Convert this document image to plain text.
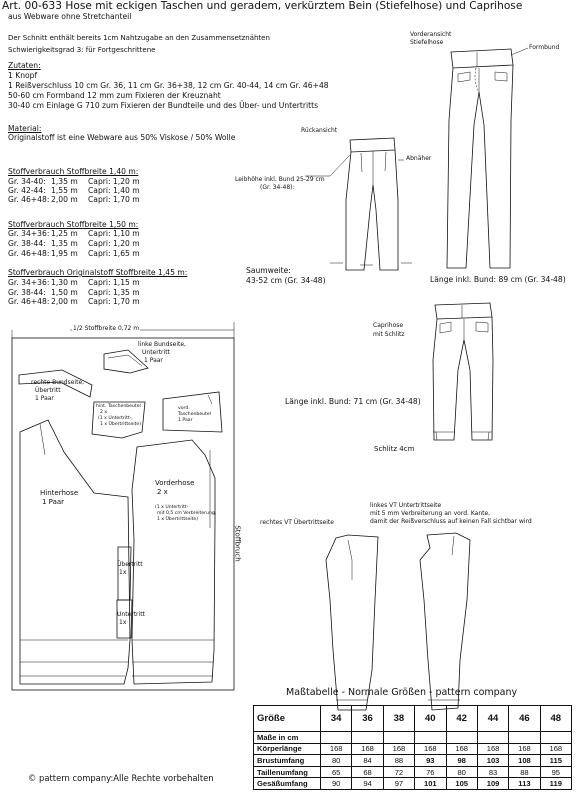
Art. 00-633 Hose mit eckigen Taschen und geradem, verkürztem Bein (Stiefelhose) und Caprihose
aus Webware ohne Stretchanteil
Der Schnitt enthält bereits 1cm Nahtzugabe an den Zusammensetznähten
Schwierigkeitsgrad 3: für Fortgeschrittene
Zutaten:
1 Knopf
1 Reißverschluss 10 cm Gr. 36, 11 cm Gr. 36+38, 12 cm Gr. 40-44, 14 cm Gr. 46+48
50-60 cm Formband 12 mm zum Fixieren der Kreuznaht
30-40 cm Einlage G 710 zum Fixieren der Bundteile und des Über- und Untertritts
Material:
Originalstoff ist eine Webware aus 50% Viskose / 50% Wolle
Stoffverbrauch Stoffbreite 1,40 m:
Gr. 34-40: 1,35 m Capri: 1,20 m
Gr. 42-44: 1,55 m Capri: 1,40 m
Gr. 46+48: 2,00 m Capri: 1,70 m
Stoffverbrauch Stoffbreite 1,50 m:
Gr. 34+36: 1,25 m Capri: 1,10 m
Gr. 38-44: 1,35 m Capri: 1,20 m
Gr. 46+48: 1,95 m Capri: 1,65 m
Stoffverbrauch Originalstoff Stoffbreite 1,45 m:
Gr. 34+36: 1,30 m Capri: 1,15 m
Gr. 38-44: 1,50 m Capri: 1,35 m
Gr. 46+48: 2,00 m Capri: 1,70 m
Vorderansicht
Stiefelhose
Formbund
Rückansicht
Abnäher
Leibhöhe inkl. Bund 25-29 cm
(Gr. 34-48):
Saumweite:
43-52 cm (Gr. 34-48)	Länge inkl. Bund: 89 cm (Gr. 34-48)
Caprihose
mit Schlitz
Länge inkl. Bund: 71 cm (Gr. 34-48)
Schlitz 4cm
rechtes VT Übertrittseite
linkes VT Untertrittseite
mit 5 mm Verbreiterung an vord. Kante,
damit der Reißverschluss auf keinen Fall sichtbar wird
1/2 Stoffbreite 0,72 m
linke Bundseite,
Untertritt
1 Paar
rechte Bundseite,
Übertritt
1 Paar
hint. Taschenbeutel
2 x
(1 x Untertritt-,
1 x Übertrittseite)
vord.
Taschenbeutel
1 Paar
Hinterhose
1 Paar
Vorderhose
2 x
(1 x Untertritt-
mit 0,5 cm Verbreiterung,
1 x Übertrittseite)
Übertritt
1x
Untertritt
1x
Stoffbruch
Maßtabelle - Normale Größen - pattern company
Größe	34	36	38	40	42	44	46	48
Maße in cm								
Körperlänge	168	168	168	168	168	168	168	168
Brustumfang	80	84	88	93	98	103	108	115
Taillenumfang	65	68	72	76	80	83	88	95
Gesäßumfang	90	94	97	101	105	109	113	119
© pattern company:Alle Rechte vorbehalten
